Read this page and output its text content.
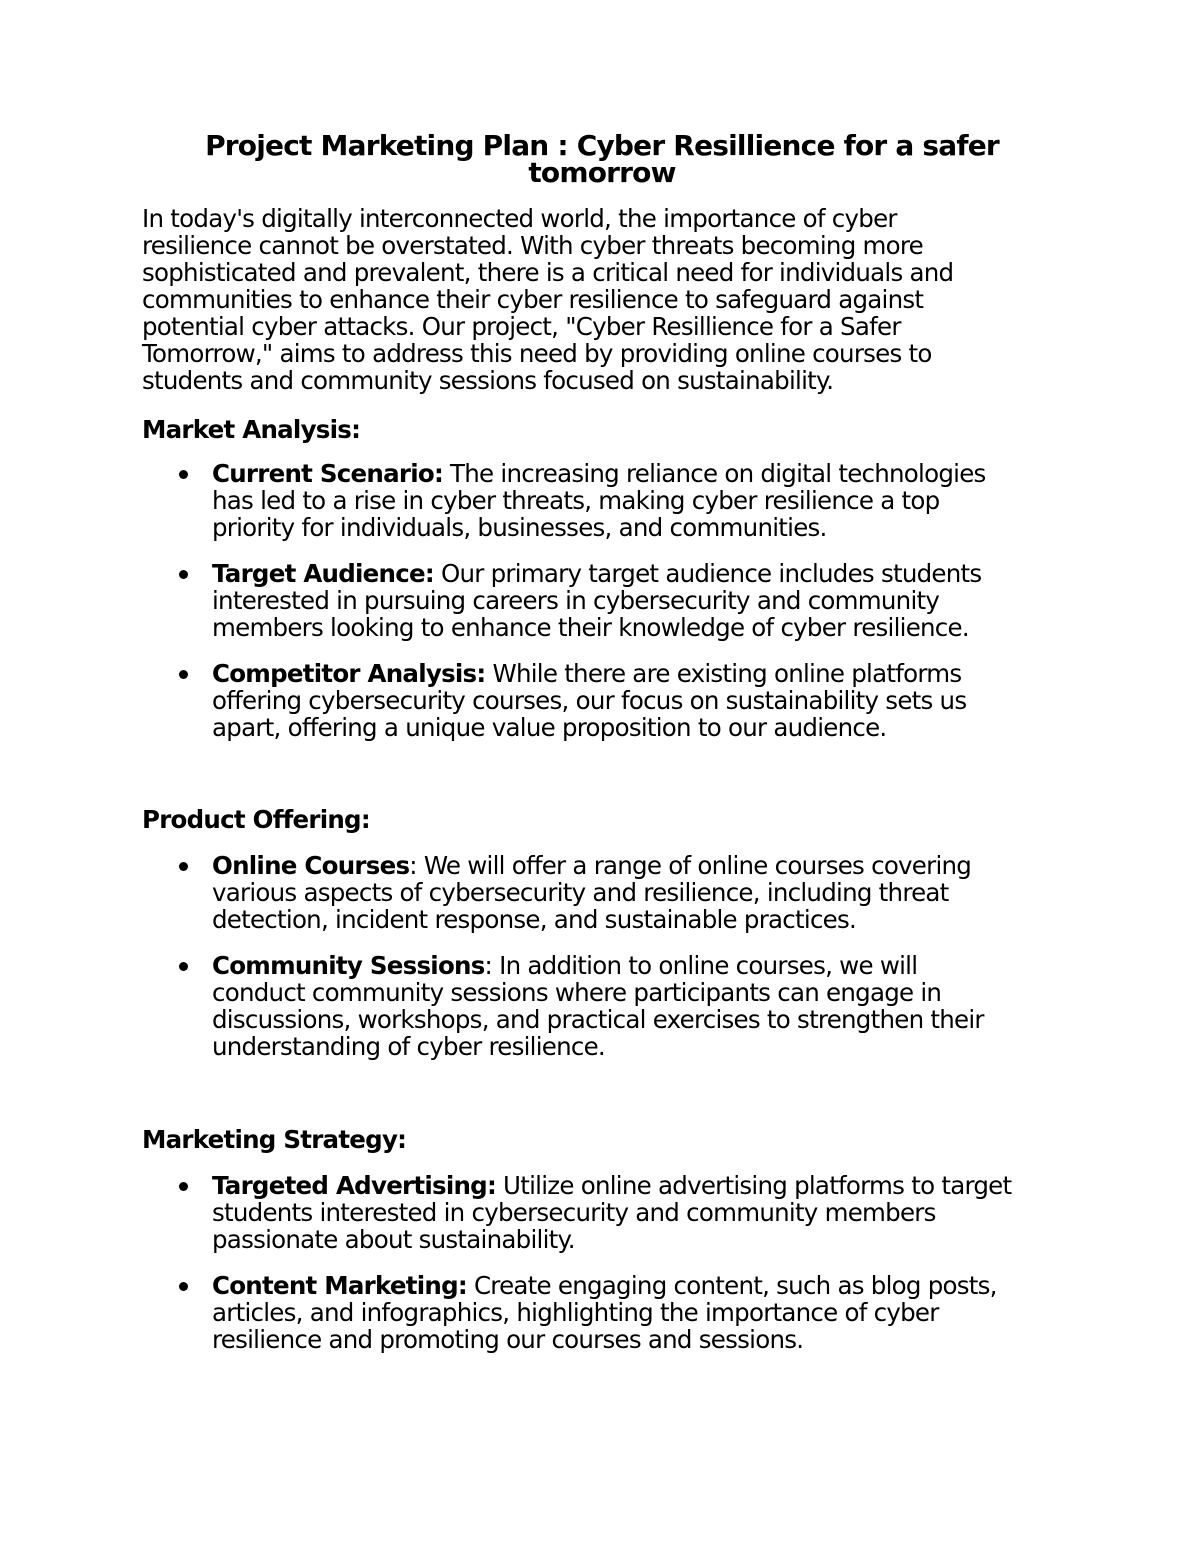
Project Marketing Plan : Cyber Resillience for a safer tomorrow

In today's digitally interconnected world, the importance of cyber
resilience cannot be overstated. With cyber threats becoming more
sophisticated and prevalent, there is a critical need for individuals and
communities to enhance their cyber resilience to safeguard against
potential cyber attacks. Our project, "Cyber Resillience for a Safer
Tomorrow," aims to address this need by providing online courses to
students and community sessions focused on sustainability.

Market Analysis:
Current Scenario: The increasing reliance on digital technologies
has led to a rise in cyber threats, making cyber resilience a top
priority for individuals, businesses, and communities.
Target Audience: Our primary target audience includes students
interested in pursuing careers in cybersecurity and community
members looking to enhance their knowledge of cyber resilience.
Competitor Analysis: While there are existing online platforms
offering cybersecurity courses, our focus on sustainability sets us
apart, offering a unique value proposition to our audience.
Product Offering:
Online Courses: We will offer a range of online courses covering
various aspects of cybersecurity and resilience, including threat
detection, incident response, and sustainable practices.
Community Sessions: In addition to online courses, we will
conduct community sessions where participants can engage in
discussions, workshops, and practical exercises to strengthen their
understanding of cyber resilience.
Marketing Strategy:
Targeted Advertising: Utilize online advertising platforms to target
students interested in cybersecurity and community members
passionate about sustainability.
Content Marketing: Create engaging content, such as blog posts,
articles, and infographics, highlighting the importance of cyber
resilience and promoting our courses and sessions.
